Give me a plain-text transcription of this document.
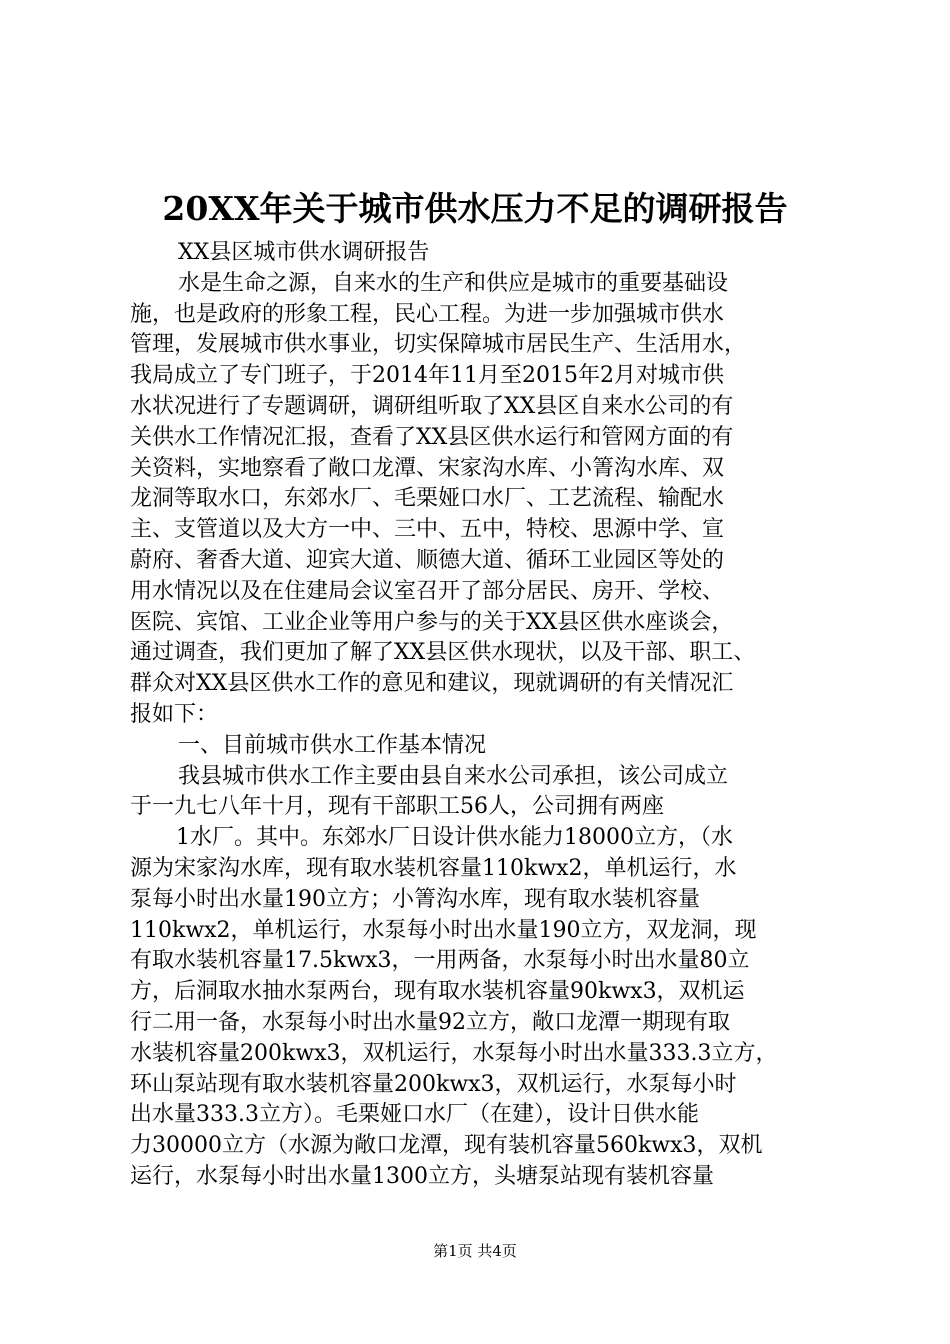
20XX年关于城市供水压力不足的调研报告
XX县区城市供水调研报告
水是生命之源，自来水的生产和供应是城市的重要基础设
施，也是政府的形象工程，民心工程。为进一步加强城市供水
管理，发展城市供水事业，切实保障城市居民生产、生活用水，
我局成立了专门班子，于2014年11月至2015年2月对城市供
水状况进行了专题调研，调研组听取了XX县区自来水公司的有
关供水工作情况汇报，查看了XX县区供水运行和管网方面的有
关资料，实地察看了敞口龙潭、宋家沟水库、小箐沟水库、双
龙洞等取水口，东郊水厂、毛栗娅口水厂、工艺流程、输配水
主、支管道以及大方一中、三中、五中，特校、思源中学、宣
蔚府、奢香大道、迎宾大道、顺德大道、循环工业园区等处的
用水情况以及在住建局会议室召开了部分居民、房开、学校、
医院、宾馆、工业企业等用户参与的关于XX县区供水座谈会，
通过调查，我们更加了解了XX县区供水现状，以及干部、职工、
群众对XX县区供水工作的意见和建议，现就调研的有关情况汇
报如下：
一、目前城市供水工作基本情况
我县城市供水工作主要由县自来水公司承担，该公司成立
于一九七八年十月，现有干部职工56人，公司拥有两座
1水厂。其中。东郊水厂日设计供水能力18000立方，（水
源为宋家沟水库，现有取水装机容量110kwx2，单机运行，水
泵每小时出水量190立方；小箐沟水库，现有取水装机容量
110kwx2，单机运行，水泵每小时出水量190立方，双龙洞，现
有取水装机容量17.5kwx3，一用两备，水泵每小时出水量80立
方，后洞取水抽水泵两台，现有取水装机容量90kwx3，双机运
行二用一备，水泵每小时出水量92立方，敞口龙潭一期现有取
水装机容量200kwx3，双机运行，水泵每小时出水量333.3立方，
环山泵站现有取水装机容量200kwx3，双机运行，水泵每小时
出水量333.3立方）。毛栗娅口水厂（在建），设计日供水能
力30000立方（水源为敞口龙潭，现有装机容量560kwx3，双机
运行，水泵每小时出水量1300立方，头塘泵站现有装机容量
第1页 共4页
